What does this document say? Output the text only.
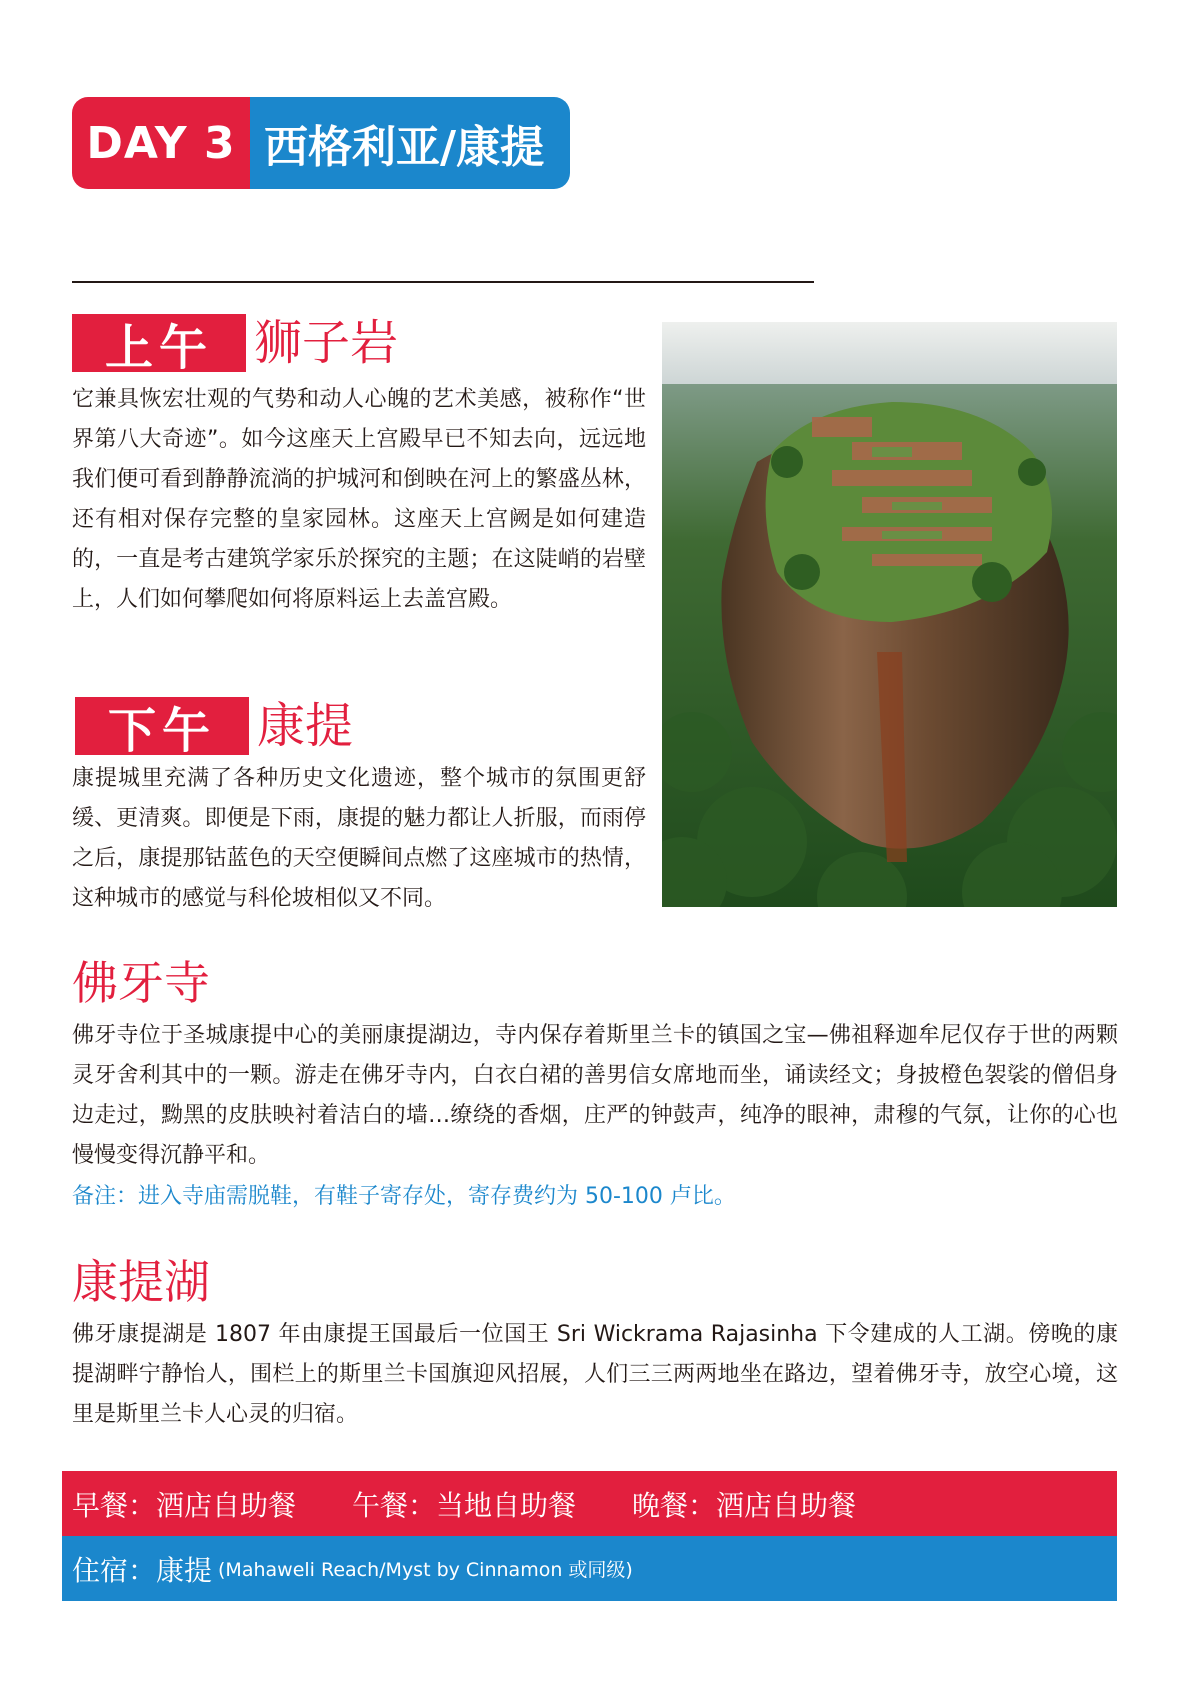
DAY 3 西格利亚/康提
上午 狮子岩
它兼具恢宏壮观的气势和动人心魄的艺术美感，被称作“世界第八大奇迹”。如今这座天上宫殿早已不知去向，远远地我们便可看到静静流淌的护城河和倒映在河上的繁盛丛林，还有相对保存完整的皇家园林。这座天上宫阙是如何建造的，一直是考古建筑学家乐於探究的主题；在这陡峭的岩壁上，人们如何攀爬如何将原料运上去盖宫殿。
下午 康提
康提城里充满了各种历史文化遗迹，整个城市的氛围更舒缓、更清爽。即便是下雨，康提的魅力都让人折服，而雨停之后，康提那钴蓝色的天空便瞬间点燃了这座城市的热情，这种城市的感觉与科伦坡相似又不同。
佛牙寺
佛牙寺位于圣城康提中心的美丽康提湖边，寺内保存着斯里兰卡的镇国之宝—佛祖释迦牟尼仅存于世的两颗灵牙舍利其中的一颗。游走在佛牙寺内，白衣白裙的善男信女席地而坐，诵读经文；身披橙色袈裟的僧侣身边走过，黝黑的皮肤映衬着洁白的墙…缭绕的香烟，庄严的钟鼓声，纯净的眼神，肃穆的气氛，让你的心也慢慢变得沉静平和。
备注：进入寺庙需脱鞋，有鞋子寄存处，寄存费约为 50-100 卢比。
康提湖
佛牙康提湖是 1807 年由康提王国最后一位国王 Sri Wickrama Rajasinha 下令建成的人工湖。傍晚的康提湖畔宁静怡人，围栏上的斯里兰卡国旗迎风招展，人们三三两两地坐在路边，望着佛牙寺，放空心境，这里是斯里兰卡人心灵的归宿。
早餐：酒店自助餐 午餐：当地自助餐 晚餐：酒店自助餐
住宿：康提 (Mahaweli Reach/Myst by Cinnamon 或同级)
